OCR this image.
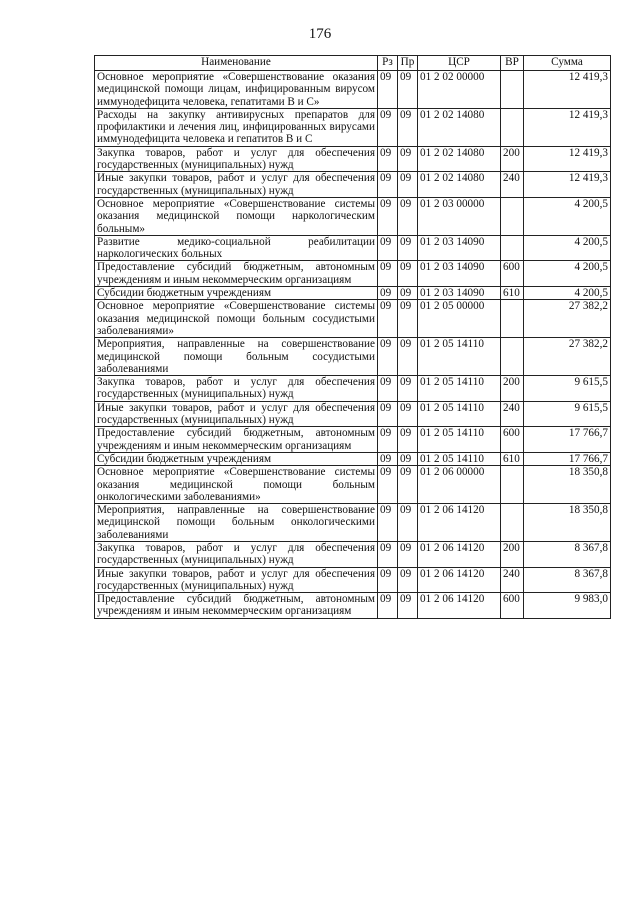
176
Наименование	Рз	Пр	ЦСР	ВР	Сумма
Основное мероприятие «Совершенствование оказания медицинской помощи лицам, инфицированным вирусом иммунодефицита человека, гепатитами В и С»	09	09	01 2 02 00000		12 419,3
Расходы на закупку антивирусных препаратов для профилактики и лечения лиц, инфицированных вирусами иммунодефицита человека и гепатитов В и С	09	09	01 2 02 14080		12 419,3
Закупка товаров, работ и услуг для обеспечения государственных (муниципальных) нужд	09	09	01 2 02 14080	200	12 419,3
Иные закупки товаров, работ и услуг для обеспечения государственных (муниципальных) нужд	09	09	01 2 02 14080	240	12 419,3
Основное мероприятие «Совершенствование системы оказания медицинской помощи наркологическим больным»	09	09	01 2 03 00000		4 200,5
Развитие медико-социальной реабилитации наркологических больных	09	09	01 2 03 14090		4 200,5
Предоставление субсидий бюджетным, автономным учреждениям и иным некоммерческим организациям	09	09	01 2 03 14090	600	4 200,5
Субсидии бюджетным учреждениям	09	09	01 2 03 14090	610	4 200,5
Основное мероприятие «Совершенствование системы оказания медицинской помощи больным сосудистыми заболеваниями»	09	09	01 2 05 00000		27 382,2
Мероприятия, направленные на совершенствование медицинской помощи больным сосудистыми заболеваниями	09	09	01 2 05 14110		27 382,2
Закупка товаров, работ и услуг для обеспечения государственных (муниципальных) нужд	09	09	01 2 05 14110	200	9 615,5
Иные закупки товаров, работ и услуг для обеспечения государственных (муниципальных) нужд	09	09	01 2 05 14110	240	9 615,5
Предоставление субсидий бюджетным, автономным учреждениям и иным некоммерческим организациям	09	09	01 2 05 14110	600	17 766,7
Субсидии бюджетным учреждениям	09	09	01 2 05 14110	610	17 766,7
Основное мероприятие «Совершенствование системы оказания медицинской помощи больным онкологическими заболеваниями»	09	09	01 2 06 00000		18 350,8
Мероприятия, направленные на совершенствование медицинской помощи больным онкологическими заболеваниями	09	09	01 2 06 14120		18 350,8
Закупка товаров, работ и услуг для обеспечения государственных (муниципальных) нужд	09	09	01 2 06 14120	200	8 367,8
Иные закупки товаров, работ и услуг для обеспечения государственных (муниципальных) нужд	09	09	01 2 06 14120	240	8 367,8
Предоставление субсидий бюджетным, автономным учреждениям и иным некоммерческим организациям	09	09	01 2 06 14120	600	9 983,0
